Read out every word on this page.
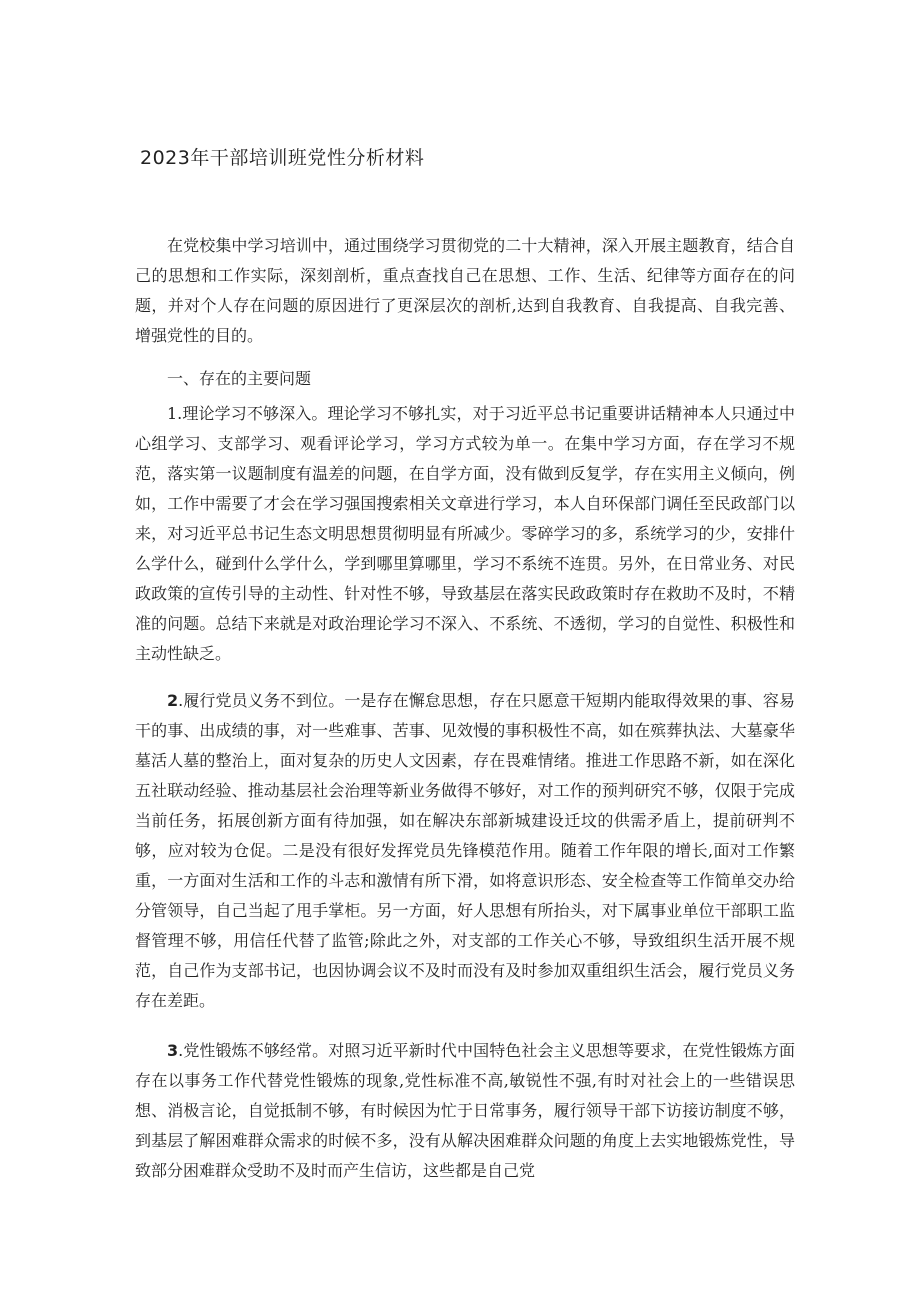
2023年干部培训班党性分析材料

在党校集中学习培训中，通过围绕学习贯彻党的二十大精神，深入开展主题教育，结合自己的思想和工作实际，深刻剖析，重点查找自己在思想、工作、生活、纪律等方面存在的问题，并对个人存在问题的原因进行了更深层次的剖析,达到自我教育、自我提高、自我完善、增强党性的目的。

一、存在的主要问题

1.理论学习不够深入。理论学习不够扎实，对于习近平总书记重要讲话精神本人只通过中心组学习、支部学习、观看评论学习，学习方式较为单一。在集中学习方面，存在学习不规范，落实第一议题制度有温差的问题，在自学方面，没有做到反复学，存在实用主义倾向，例如，工作中需要了才会在学习强国搜索相关文章进行学习，本人自环保部门调任至民政部门以来，对习近平总书记生态文明思想贯彻明显有所减少。零碎学习的多，系统学习的少，安排什么学什么，碰到什么学什么，学到哪里算哪里，学习不系统不连贯。另外，在日常业务、对民政政策的宣传引导的主动性、针对性不够，导致基层在落实民政政策时存在救助不及时，不精准的问题。总结下来就是对政治理论学习不深入、不系统、不透彻，学习的自觉性、积极性和主动性缺乏。

2.履行党员义务不到位。一是存在懈怠思想，存在只愿意干短期内能取得效果的事、容易干的事、出成绩的事，对一些难事、苦事、见效慢的事积极性不高，如在殡葬执法、大墓豪华墓活人墓的整治上，面对复杂的历史人文因素，存在畏难情绪。推进工作思路不新，如在深化五社联动经验、推动基层社会治理等新业务做得不够好，对工作的预判研究不够，仅限于完成当前任务，拓展创新方面有待加强，如在解决东部新城建设迁坟的供需矛盾上，提前研判不够，应对较为仓促。二是没有很好发挥党员先锋模范作用。随着工作年限的增长,面对工作繁重，一方面对生活和工作的斗志和激情有所下滑，如将意识形态、安全检查等工作简单交办给分管领导，自己当起了甩手掌柜。另一方面，好人思想有所抬头，对下属事业单位干部职工监督管理不够，用信任代替了监管;除此之外，对支部的工作关心不够，导致组织生活开展不规范，自己作为支部书记，也因协调会议不及时而没有及时参加双重组织生活会，履行党员义务存在差距。

3.党性锻炼不够经常。对照习近平新时代中国特色社会主义思想等要求，在党性锻炼方面存在以事务工作代替党性锻炼的现象,党性标准不高,敏锐性不强,有时对社会上的一些错误思想、消极言论，自觉抵制不够，有时候因为忙于日常事务，履行领导干部下访接访制度不够，到基层了解困难群众需求的时候不多，没有从解决困难群众问题的角度上去实地锻炼党性，导致部分困难群众受助不及时而产生信访，这些都是自己党
